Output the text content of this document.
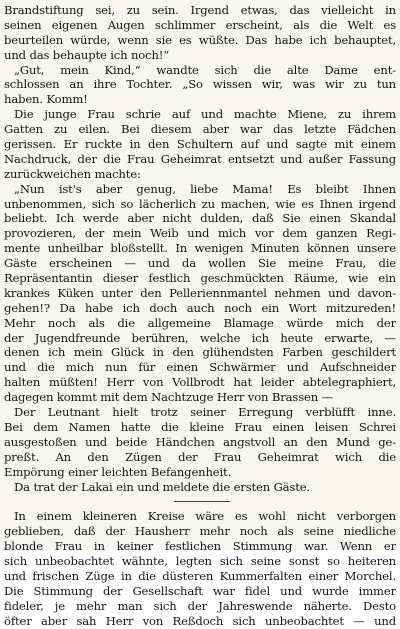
Brandstiftung sei, zu sein. Irgend etwas, das vielleicht in
seinen eigenen Augen schlimmer erscheint, als die Welt es
beurteilen würde, wenn sie es wüßte. Das habe ich behauptet,
und das behaupte ich noch!“
„Gut, mein Kind,“ wandte sich die alte Dame ent-
schlossen an ihre Tochter. „So wissen wir, was wir zu tun
haben. Komm!
Die junge Frau schrie auf und machte Miene, zu ihrem
Gatten zu eilen. Bei diesem aber war das letzte Fädchen
gerissen. Er ruckte in den Schultern auf und sagte mit einem
Nachdruck, der die Frau Geheimrat entsetzt und außer Fassung
zurückweichen machte:
„Nun ist's aber genug, liebe Mama! Es bleibt Ihnen
unbenommen, sich so lächerlich zu machen, wie es Ihnen irgend
beliebt. Ich werde aber nicht dulden, daß Sie einen Skandal
provozieren, der mein Weib und mich vor dem ganzen Regi-
mente unheilbar bloßstellt. In wenigen Minuten können unsere
Gäste erscheinen — und da wollen Sie meine Frau, die
Repräsentantin dieser festlich geschmückten Räume, wie ein
krankes Küken unter den Pelleriennmantel nehmen und davon-
gehen!? Da habe ich doch auch noch ein Wort mitzureden!
Mehr noch als die allgemeine Blamage würde mich der
der Jugendfreunde berühren, welche ich heute erwarte, —
denen ich mein Glück in den glühendsten Farben geschildert
und die mich nun für einen Schwärmer und Aufschneider
halten müßten! Herr von Vollbrodt hat leider abtelegraphiert,
dagegen kommt mit dem Nachtzuge Herr von Brassen —
Der Leutnant hielt trotz seiner Erregung verblüfft inne.
Bei dem Namen hatte die kleine Frau einen leisen Schrei
ausgestoßen und beide Händchen angstvoll an den Mund ge-
preßt. An den Zügen der Frau Geheimrat wich die
Empörung einer leichten Befangenheit.
Da trat der Lakai ein und meldete die ersten Gäste.
In einem kleineren Kreise wäre es wohl nicht verborgen
geblieben, daß der Hausherr mehr noch als seine niedliche
blonde Frau in keiner festlichen Stimmung war. Wenn er
sich unbeobachtet wähnte, legten sich seine sonst so heiteren
und frischen Züge in die düsteren Kummerfalten einer Morchel.
Die Stimmung der Gesellschaft war fidel und wurde immer
fideler, je mehr man sich der Jahreswende näherte. Desto
öfter aber sah Herr von Reßdoch sich unbeobachtet — und
